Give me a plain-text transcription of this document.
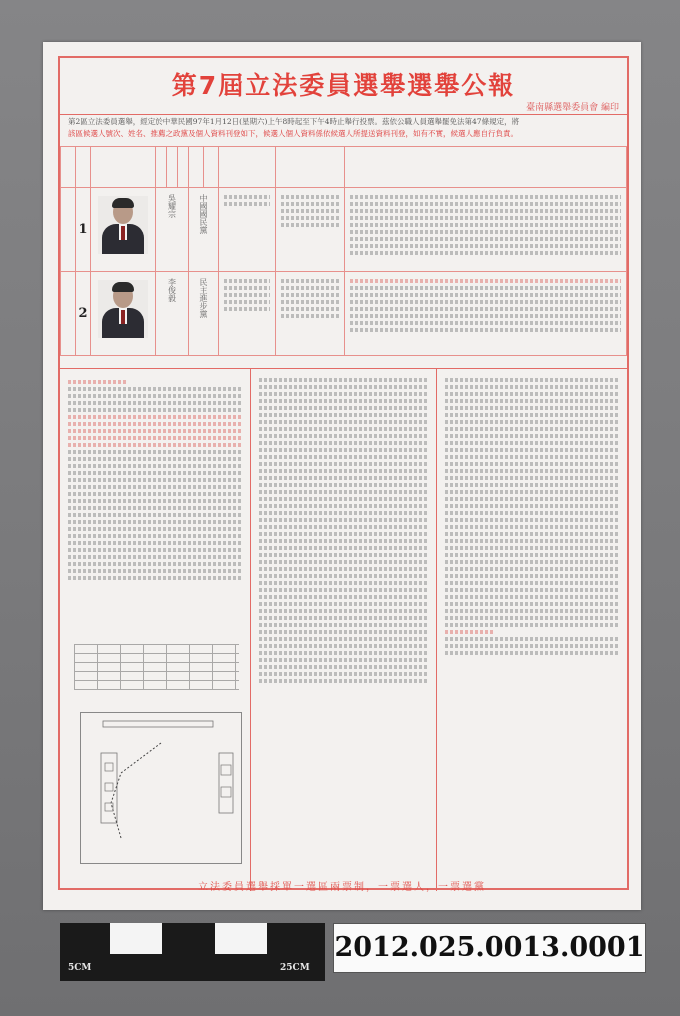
第7屆立法委員選舉選舉公報
臺南縣選舉委員會 編印
第2區立法委員選舉，經定於中華民國97年1月12日(星期六)上午8時起至下午4時止舉行投票。茲依公職人員選舉罷免法第47條規定，將
該區候選人號次、姓名、推薦之政黨及個人資料刊登如下，候選人個人資料係依候選人所提送資料刊登，如有不實，候選人應自行負責。

	1		吳耀宗			中國國民黨				

	2		李俊毅			民主進步黨				

立法委員選舉採單一選區兩票制，一票選人，一票選黨
5CM	25CM
2012.025.0013.0001
